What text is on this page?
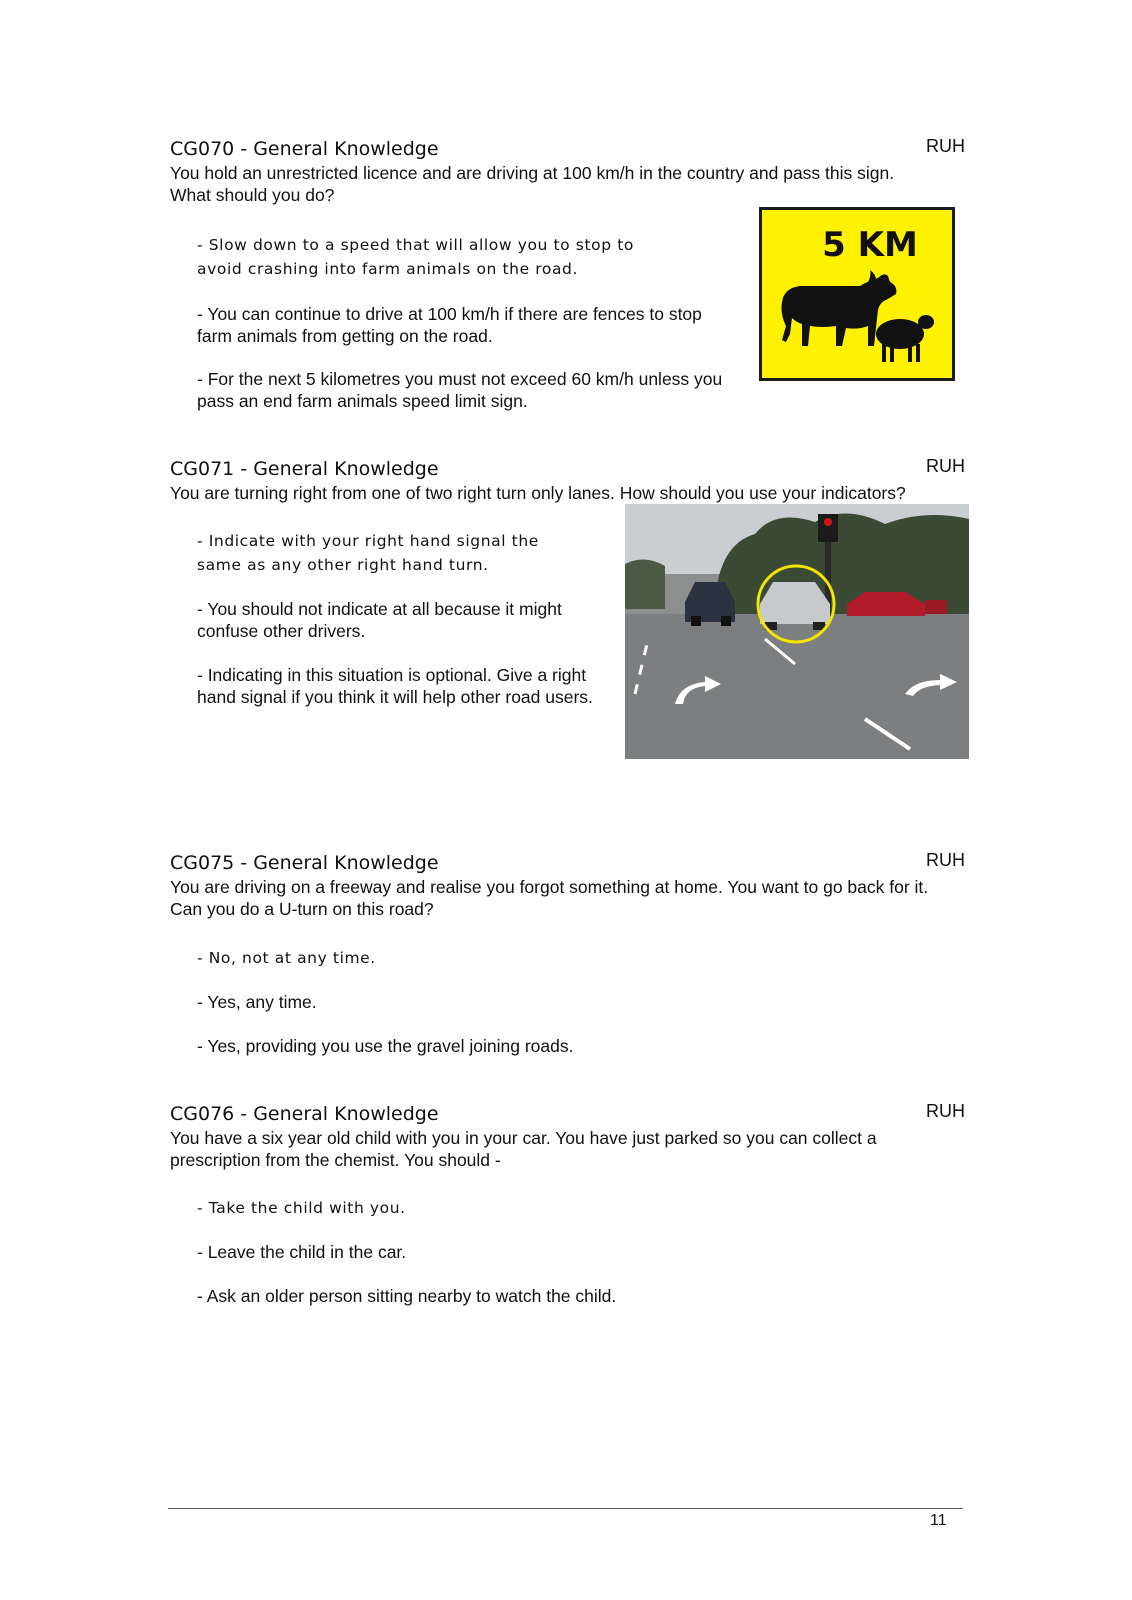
CG070 - General Knowledge	RUH
You hold an unrestricted licence and are driving at 100 km/h in the country and pass this sign.
What should you do?
- Slow down to a speed that will allow you to stop to
avoid crashing into farm animals on the road.
- You can continue to drive at 100 km/h if there are fences to stop
farm animals from getting on the road.
- For the next 5 kilometres you must not exceed 60 km/h unless you
pass an end farm animals speed limit sign.
5 KM
CG071 - General Knowledge	RUH
You are turning right from one of two right turn only lanes. How should you use your indicators?
- Indicate with your right hand signal the
same as any other right hand turn.
- You should not indicate at all because it might
confuse other drivers.
- Indicating in this situation is optional. Give a right
hand signal if you think it will help other road users.
CG075 - General Knowledge	RUH
You are driving on a freeway and realise you forgot something at home. You want to go back for it.
Can you do a U-turn on this road?
- No, not at any time.
- Yes, any time.
- Yes, providing you use the gravel joining roads.
CG076 - General Knowledge	RUH
You have a six year old child with you in your car. You have just parked so you can collect a
prescription from the chemist. You should -
- Take the child with you.
- Leave the child in the car.
- Ask an older person sitting nearby to watch the child.
11
